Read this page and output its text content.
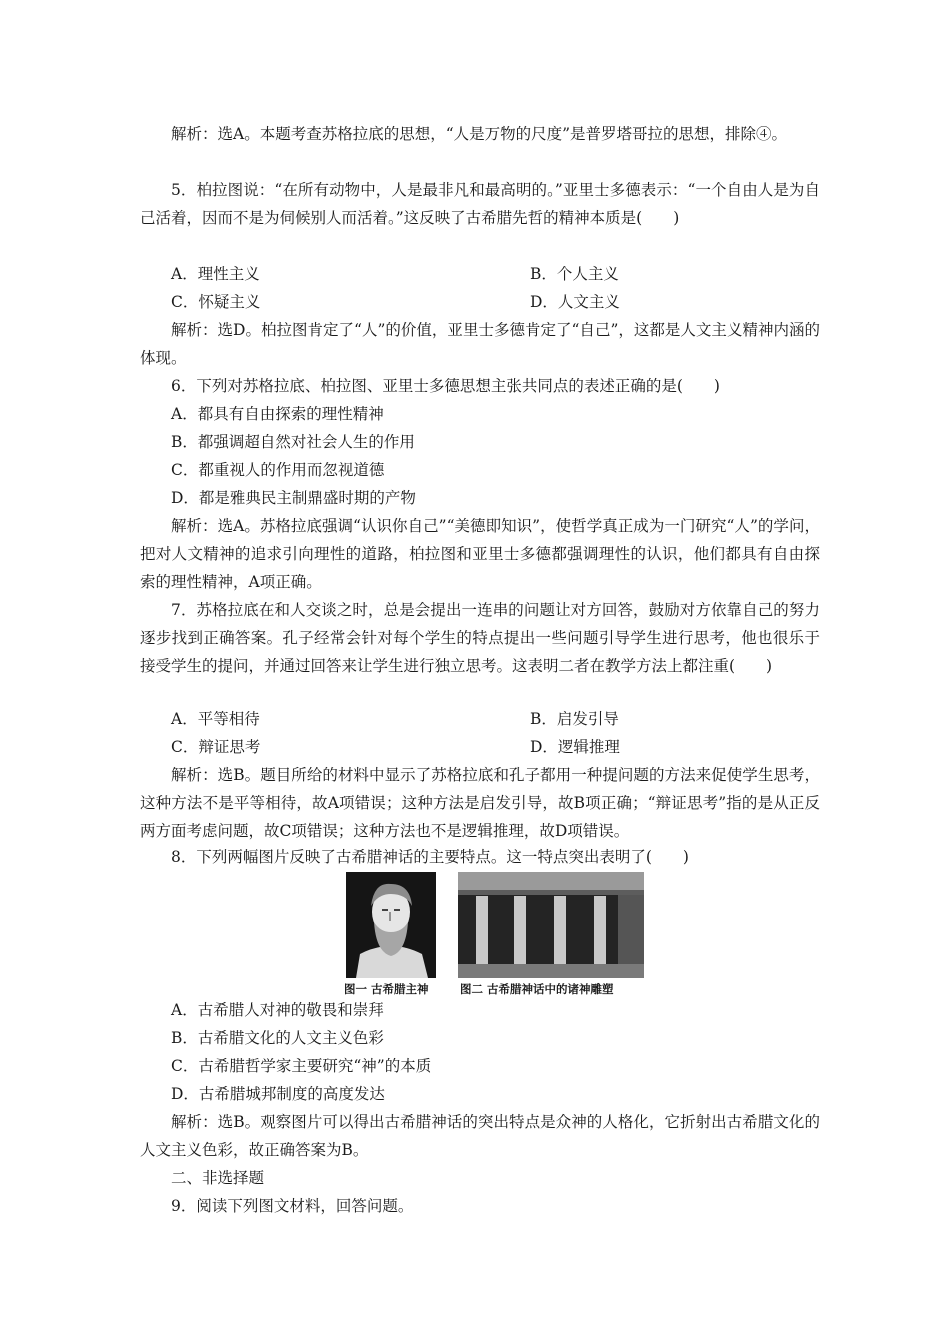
解析：选A。本题考查苏格拉底的思想，“人是万物的尺度”是普罗塔哥拉的思想，排除④。
5．柏拉图说：“在所有动物中，人是最非凡和最高明的。”亚里士多德表示：“一个自由人是为自己活着，因而不是为伺候别人而活着。”这反映了古希腊先哲的精神本质是(　　)
A．理性主义	B．个人主义
C．怀疑主义	D．人文主义
解析：选D。柏拉图肯定了“人”的价值，亚里士多德肯定了“自己”，这都是人文主义精神内涵的体现。
6．下列对苏格拉底、柏拉图、亚里士多德思想主张共同点的表述正确的是(　　)
A．都具有自由探索的理性精神
B．都强调超自然对社会人生的作用
C．都重视人的作用而忽视道德
D．都是雅典民主制鼎盛时期的产物
解析：选A。苏格拉底强调“认识你自己”“美德即知识”，使哲学真正成为一门研究“人”的学问，把对人文精神的追求引向理性的道路，柏拉图和亚里士多德都强调理性的认识，他们都具有自由探索的理性精神，A项正确。
7．苏格拉底在和人交谈之时，总是会提出一连串的问题让对方回答，鼓励对方依靠自己的努力逐步找到正确答案。孔子经常会针对每个学生的特点提出一些问题引导学生进行思考，他也很乐于接受学生的提问，并通过回答来让学生进行独立思考。这表明二者在教学方法上都注重(　　)
A．平等相待	B．启发引导
C．辩证思考	D．逻辑推理
解析：选B。题目所给的材料中显示了苏格拉底和孔子都用一种提问题的方法来促使学生思考，这种方法不是平等相待，故A项错误；这种方法是启发引导，故B项正确；“辩证思考”指的是从正反两方面考虑问题，故C项错误；这种方法也不是逻辑推理，故D项错误。
8．下列两幅图片反映了古希腊神话的主要特点。这一特点突出表明了(　　)
图一 古希腊主神	图二 古希腊神话中的诸神雕塑
A．古希腊人对神的敬畏和崇拜
B．古希腊文化的人文主义色彩
C．古希腊哲学家主要研究“神”的本质
D．古希腊城邦制度的高度发达
解析：选B。观察图片可以得出古希腊神话的突出特点是众神的人格化，它折射出古希腊文化的人文主义色彩，故正确答案为B。
二、非选择题
9．阅读下列图文材料，回答问题。
